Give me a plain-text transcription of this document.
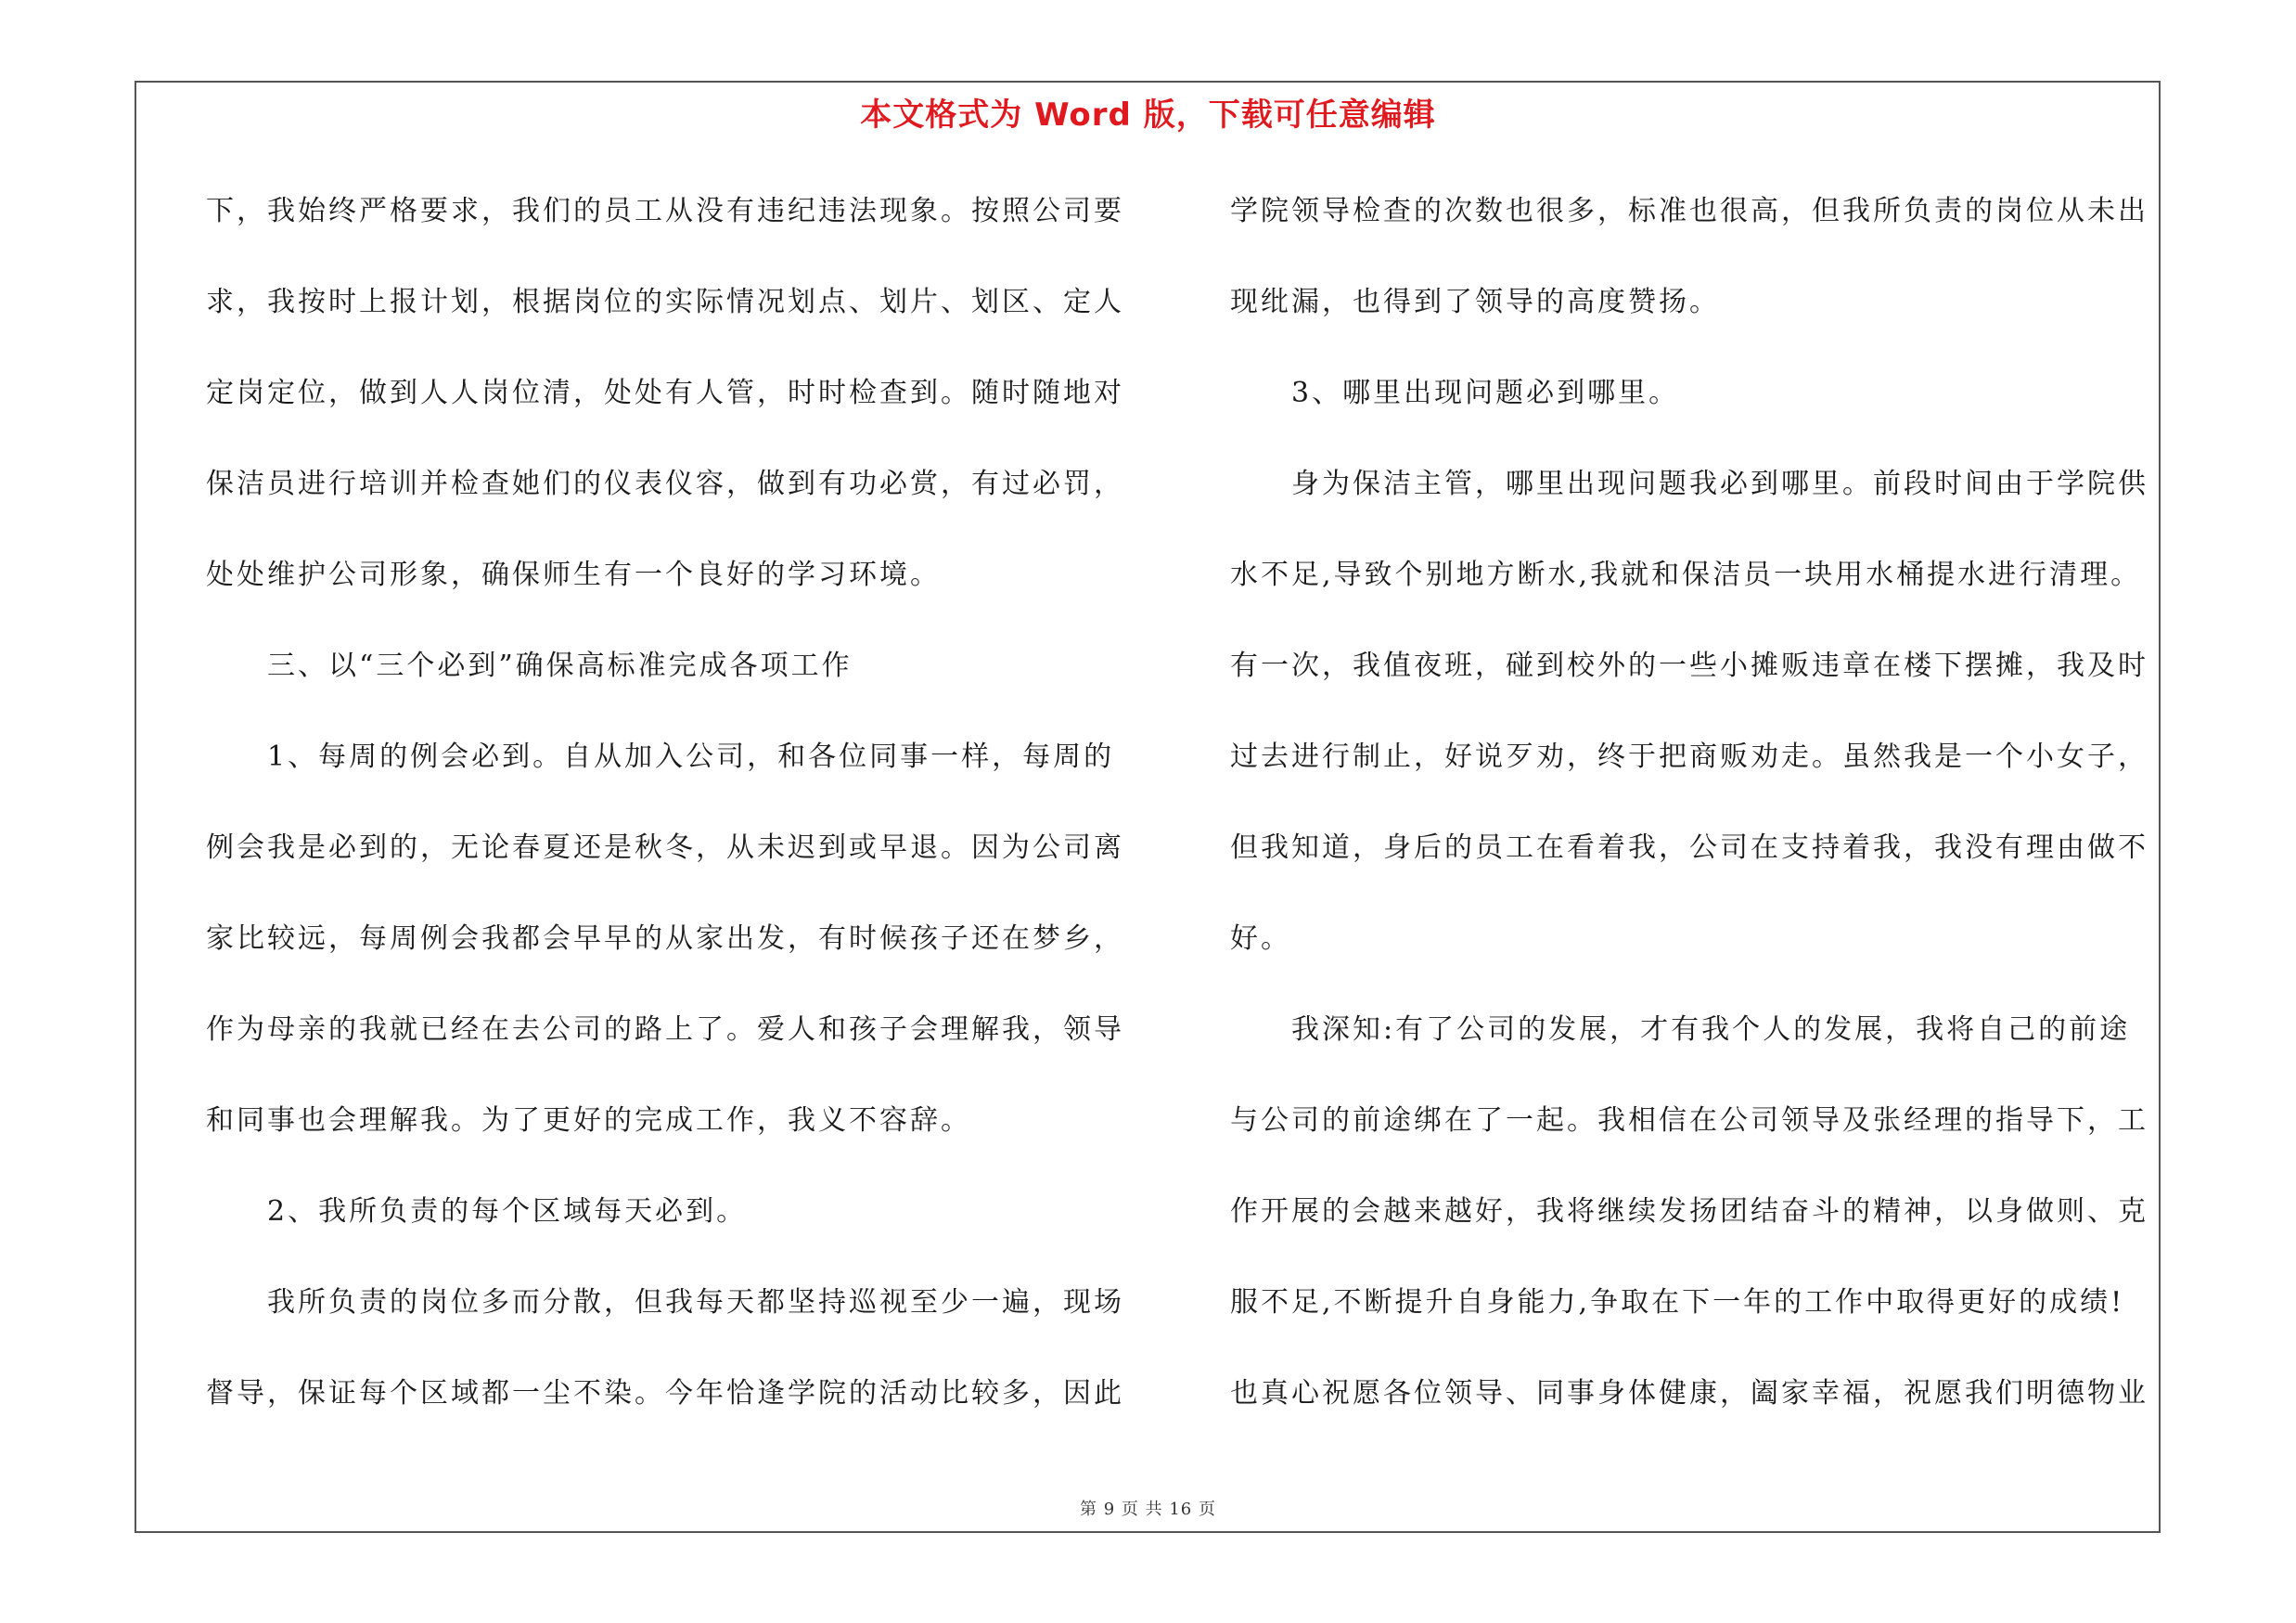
本文格式为 Word 版，下载可任意编辑
下，我始终严格要求，我们的员工从没有违纪违法现象。按照公司要
求，我按时上报计划，根据岗位的实际情况划点、划片、划区、定人
定岗定位，做到人人岗位清，处处有人管，时时检查到。随时随地对
保洁员进行培训并检查她们的仪表仪容，做到有功必赏，有过必罚，
处处维护公司形象，确保师生有一个良好的学习环境。
三、以“三个必到”确保高标准完成各项工作
1、每周的例会必到。自从加入公司，和各位同事一样，每周的
例会我是必到的，无论春夏还是秋冬，从未迟到或早退。因为公司离
家比较远，每周例会我都会早早的从家出发，有时候孩子还在梦乡，
作为母亲的我就已经在去公司的路上了。爱人和孩子会理解我，领导
和同事也会理解我。为了更好的完成工作，我义不容辞。
2、我所负责的每个区域每天必到。
我所负责的岗位多而分散，但我每天都坚持巡视至少一遍，现场
督导，保证每个区域都一尘不染。今年恰逢学院的活动比较多，因此
学院领导检查的次数也很多，标准也很高，但我所负责的岗位从未出
现纰漏，也得到了领导的高度赞扬。
3、哪里出现问题必到哪里。
身为保洁主管，哪里出现问题我必到哪里。前段时间由于学院供
水不足,导致个别地方断水,我就和保洁员一块用水桶提水进行清理。
有一次，我值夜班，碰到校外的一些小摊贩违章在楼下摆摊，我及时
过去进行制止，好说歹劝，终于把商贩劝走。虽然我是一个小女子，
但我知道，身后的员工在看着我，公司在支持着我，我没有理由做不
好。
我深知:有了公司的发展，才有我个人的发展，我将自己的前途
与公司的前途绑在了一起。我相信在公司领导及张经理的指导下，工
作开展的会越来越好，我将继续发扬团结奋斗的精神，以身做则、克
服不足,不断提升自身能力,争取在下一年的工作中取得更好的成绩!
也真心祝愿各位领导、同事身体健康，阖家幸福，祝愿我们明德物业
第 9 页 共 16 页
